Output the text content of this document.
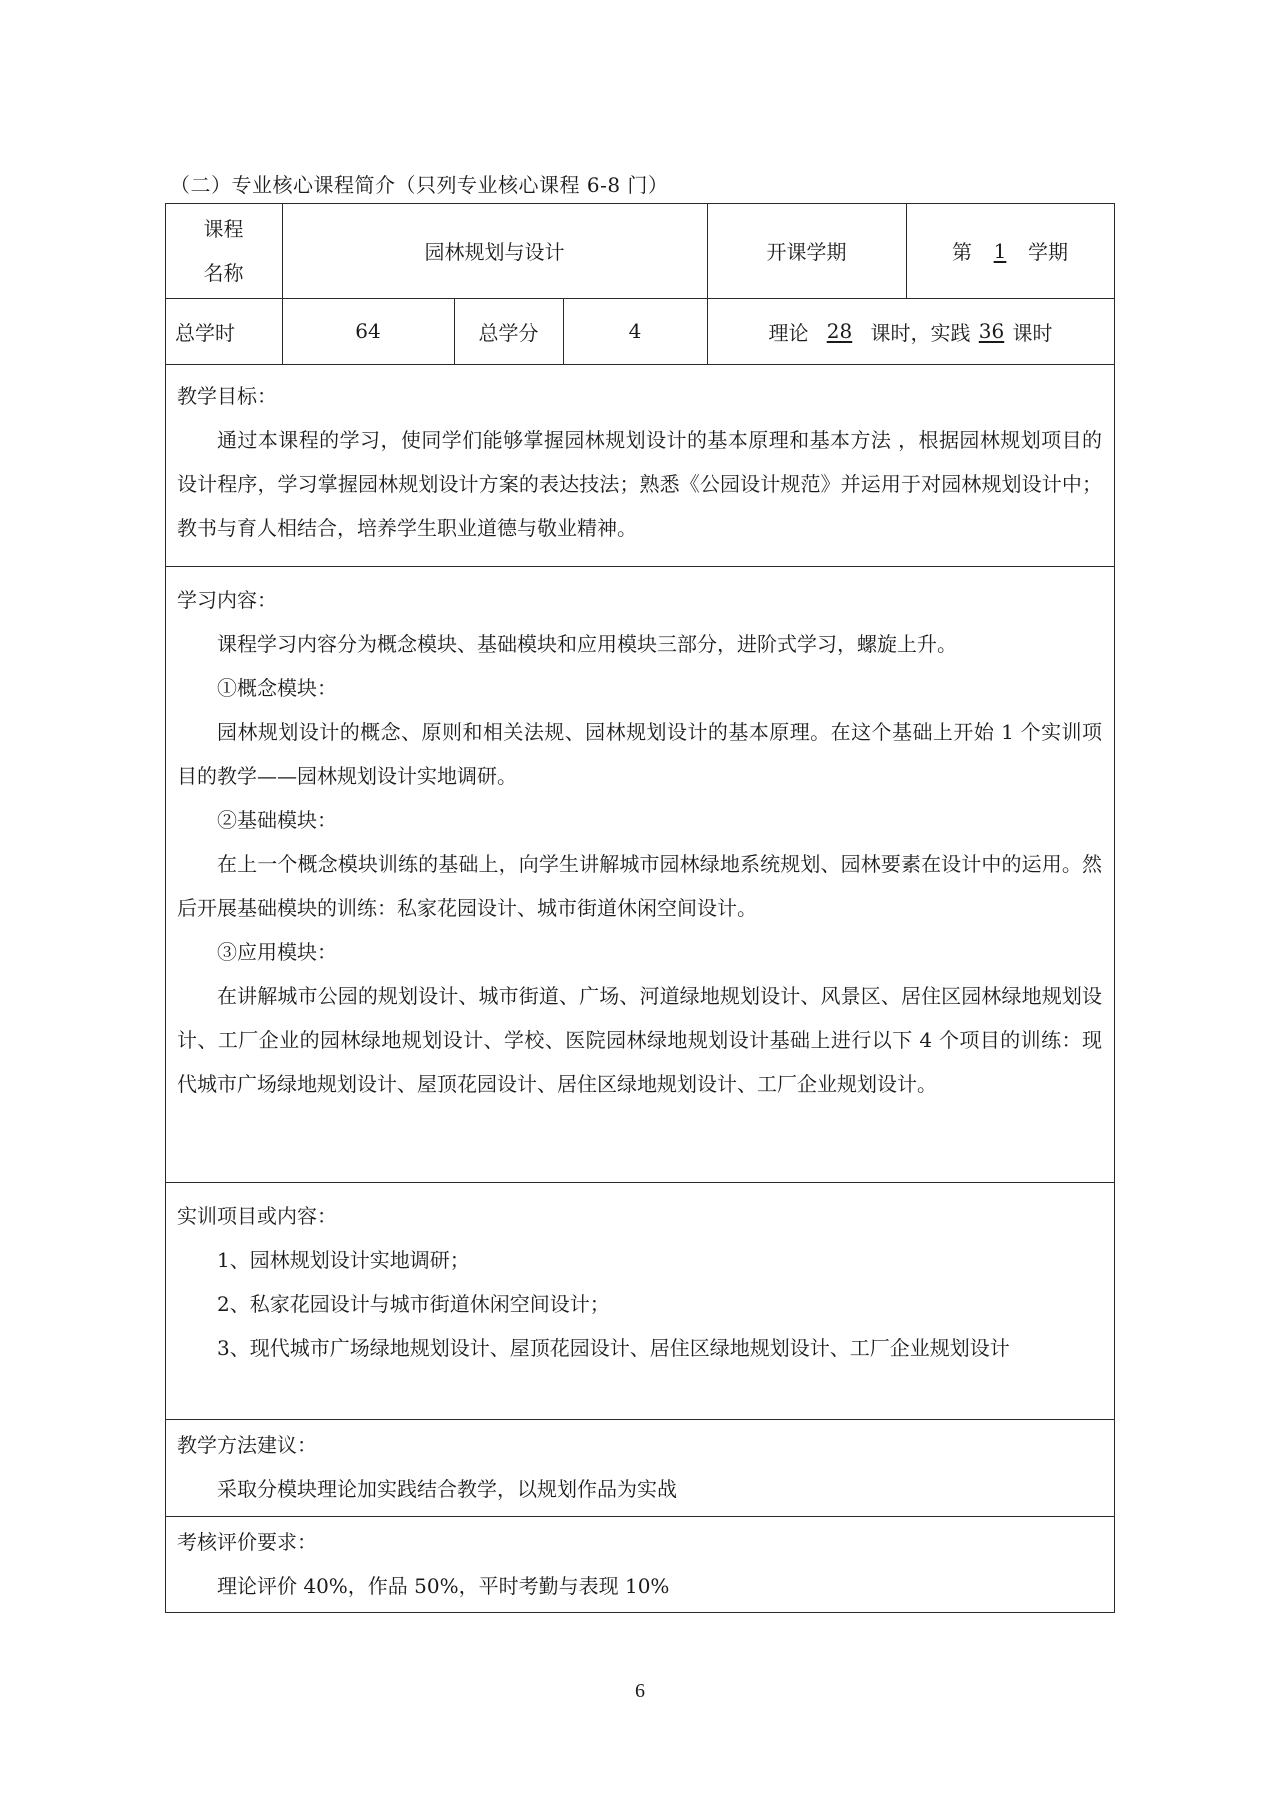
（二）专业核心课程简介（只列专业核心课程 6-8 门）
课程
名称
园林规划与设计	开课学期	第	1	学期
总学时	64	总学分	4	理论 28 课时， 实践 36 课时

教学目标：

通过本课程的学习，使同学们能够掌握园林规划设计的基本原理和基本方法 ，根据园林规划项目的设计程序，学习掌握园林规划设计方案的表达技法；熟悉《公园设计规范》并运用于对园林规划设计中；教书与育人相结合，培养学生职业道德与敬业精神。

学习内容：

课程学习内容分为概念模块、基础模块和应用模块三部分，进阶式学习，螺旋上升。

①概念模块：

园林规划设计的概念、原则和相关法规、园林规划设计的基本原理。在这个基础上开始 1 个实训项目的教学——园林规划设计实地调研。

②基础模块：

在上一个概念模块训练的基础上，向学生讲解城市园林绿地系统规划、园林要素在设计中的运用。然后开展基础模块的训练：私家花园设计、城市街道休闲空间设计。

③应用模块：

在讲解城市公园的规划设计、城市街道、广场、河道绿地规划设计、风景区、居住区园林绿地规划设计、工厂企业的园林绿地规划设计、学校、医院园林绿地规划设计基础上进行以下 4 个项目的训练：现代城市广场绿地规划设计、屋顶花园设计、居住区绿地规划设计、工厂企业规划设计。

实训项目或内容：

1、园林规划设计实地调研；

2、私家花园设计与城市街道休闲空间设计；

3、现代城市广场绿地规划设计、屋顶花园设计、居住区绿地规划设计、工厂企业规划设计

教学方法建议：

采取分模块理论加实践结合教学，以规划作品为实战

考核评价要求：

理论评价 40%，作品 50%，平时考勤与表现 10%

6
